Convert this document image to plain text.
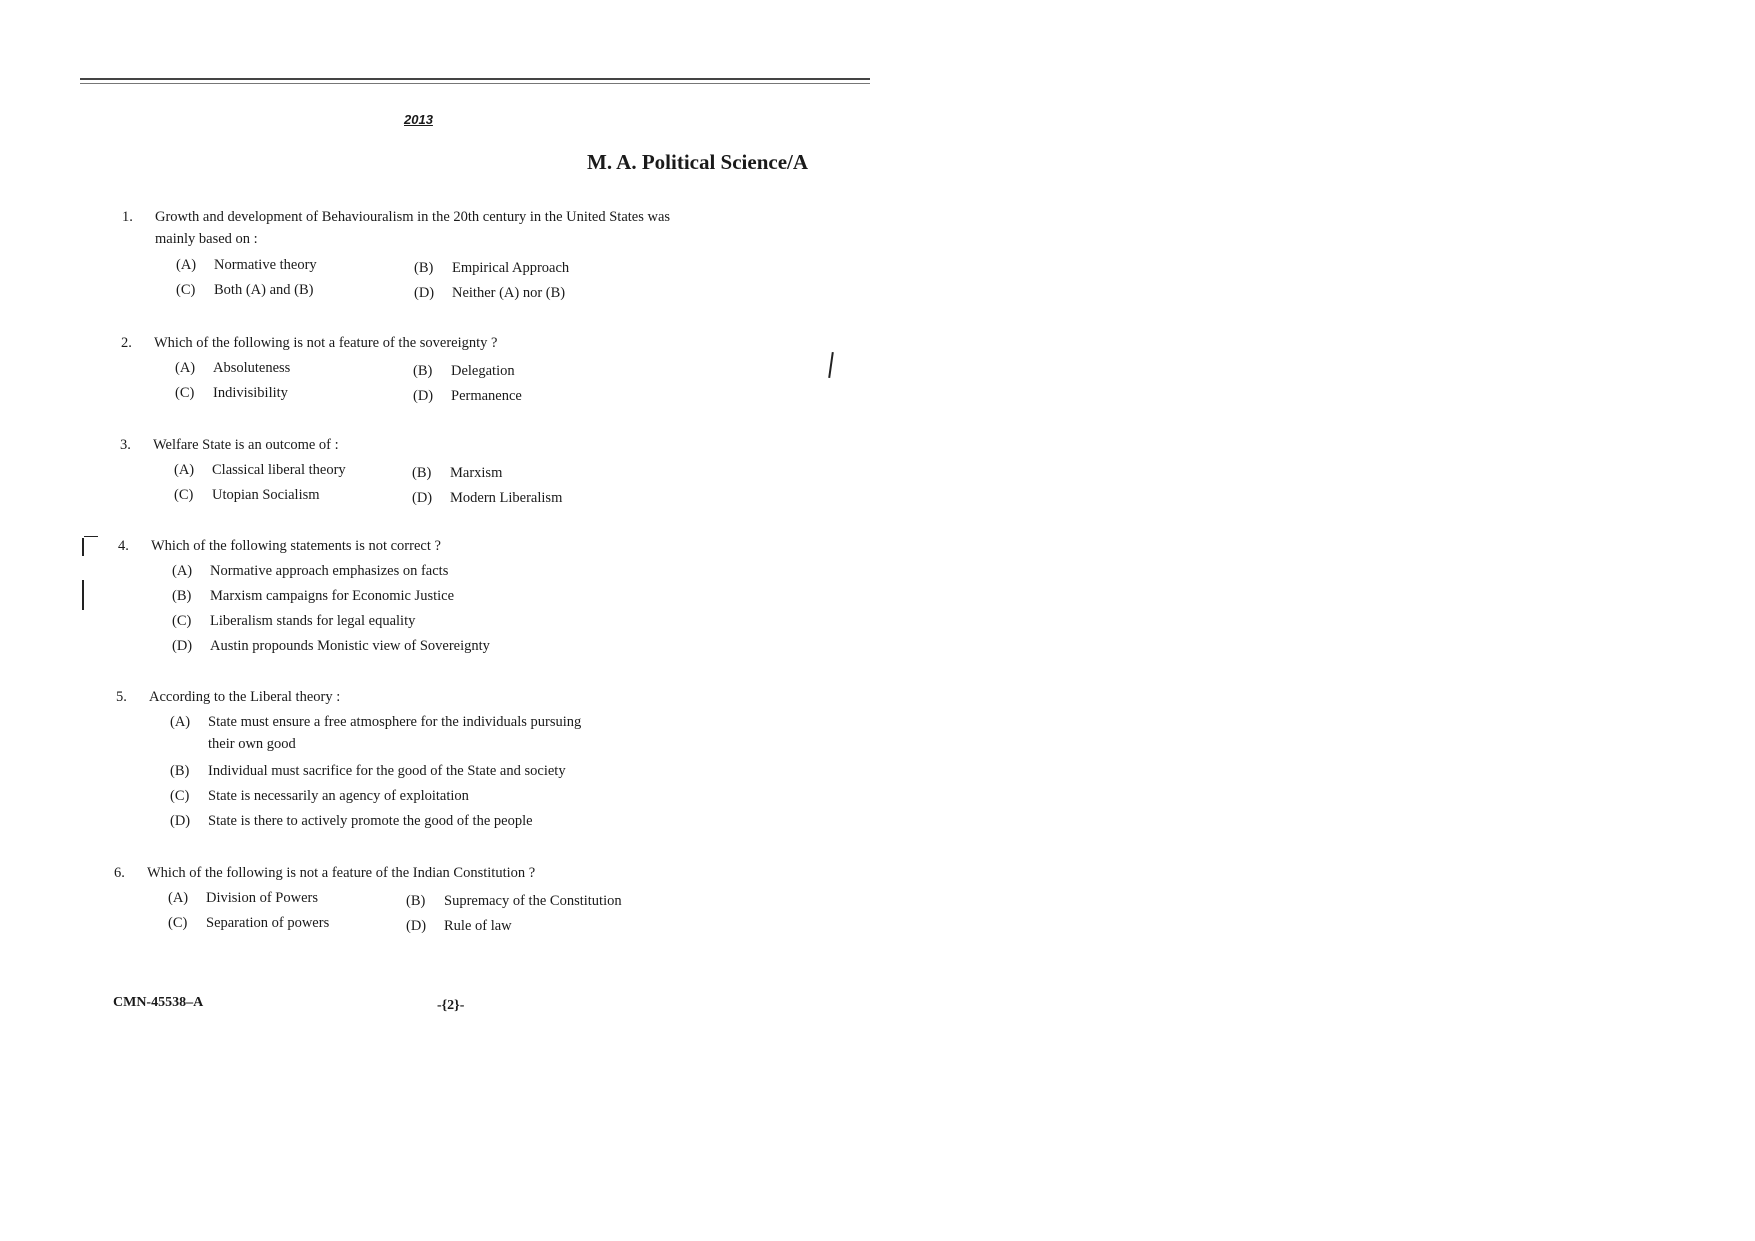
2013
M. A. Political Science/A
1. Growth and development of Behaviouralism in the 20th century in the United States was mainly based on :
(A) Normative theory	(B) Empirical Approach
(C) Both (A) and (B)	(D) Neither (A) nor (B)
2. Which of the following is not a feature of the sovereignty ?
(A) Absoluteness	(B) Delegation
(C) Indivisibility	(D) Permanence
3. Welfare State is an outcome of :
(A) Classical liberal theory	(B) Marxism
(C) Utopian Socialism	(D) Modern Liberalism
4. Which of the following statements is not correct ?
(A) Normative approach emphasizes on facts
(B) Marxism campaigns for Economic Justice
(C) Liberalism stands for legal equality
(D) Austin propounds Monistic view of Sovereignty
5. According to the Liberal theory :
(A)	State must ensure a free atmosphere for the individuals pursuing their own good
(B) Individual must sacrifice for the good of the State and society
(C) State is necessarily an agency of exploitation
(D) State is there to actively promote the good of the people
6. Which of the following is not a feature of the Indian Constitution ?
(A) Division of Powers	(B) Supremacy of the Constitution
(C) Separation of powers	(D) Rule of law
CMN-45538–A	-{2}-
